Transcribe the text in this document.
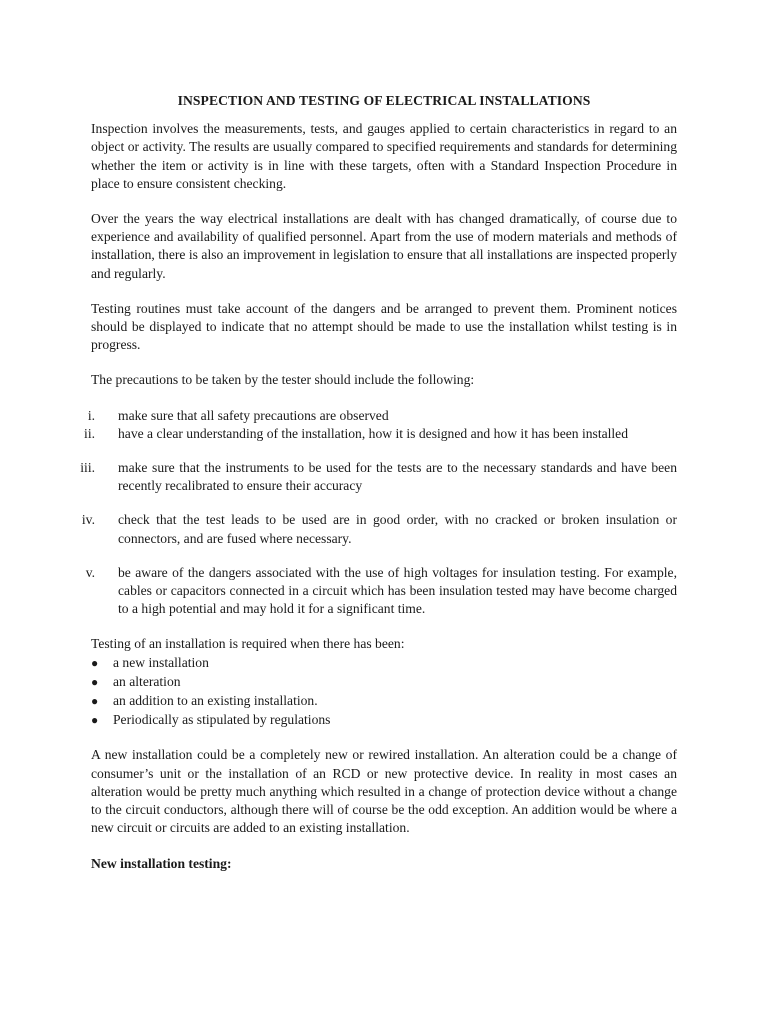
INSPECTION AND TESTING OF ELECTRICAL INSTALLATIONS

Inspection involves the measurements, tests, and gauges applied to certain characteristics in regard to an object or activity. The results are usually compared to specified requirements and standards for determining whether the item or activity is in line with these targets, often with a Standard Inspection Procedure in place to ensure consistent checking.

Over the years the way electrical installations are dealt with has changed dramatically, of course due to experience and availability of qualified personnel. Apart from the use of modern materials and methods of installation, there is also an improvement in legislation to ensure that all installations are inspected properly and regularly.

Testing routines must take account of the dangers and be arranged to prevent them. Prominent notices should be displayed to indicate that no attempt should be made to use the installation whilst testing is in progress.

The precautions to be taken by the tester should include the following:

i. make sure that all safety precautions are observed
ii. have a clear understanding of the installation, how it is designed and how it has been installed
iii. make sure that the instruments to be used for the tests are to the necessary standards and have been recently recalibrated to ensure their accuracy
iv. check that the test leads to be used are in good order, with no cracked or broken insulation or connectors, and are fused where necessary.
v. be aware of the dangers associated with the use of high voltages for insulation testing. For example, cables or capacitors connected in a circuit which has been insulation tested may have become charged to a high potential and may hold it for a significant time.

Testing of an installation is required when there has been:

● a new installation
● an alteration
● an addition to an existing installation.
● Periodically as stipulated by regulations

A new installation could be a completely new or rewired installation. An alteration could be a change of consumer’s unit or the installation of an RCD or new protective device. In reality in most cases an alteration would be pretty much anything which resulted in a change of protection device without a change to the circuit conductors, although there will of course be the odd exception. An addition would be where a new circuit or circuits are added to an existing installation.

New installation testing:
